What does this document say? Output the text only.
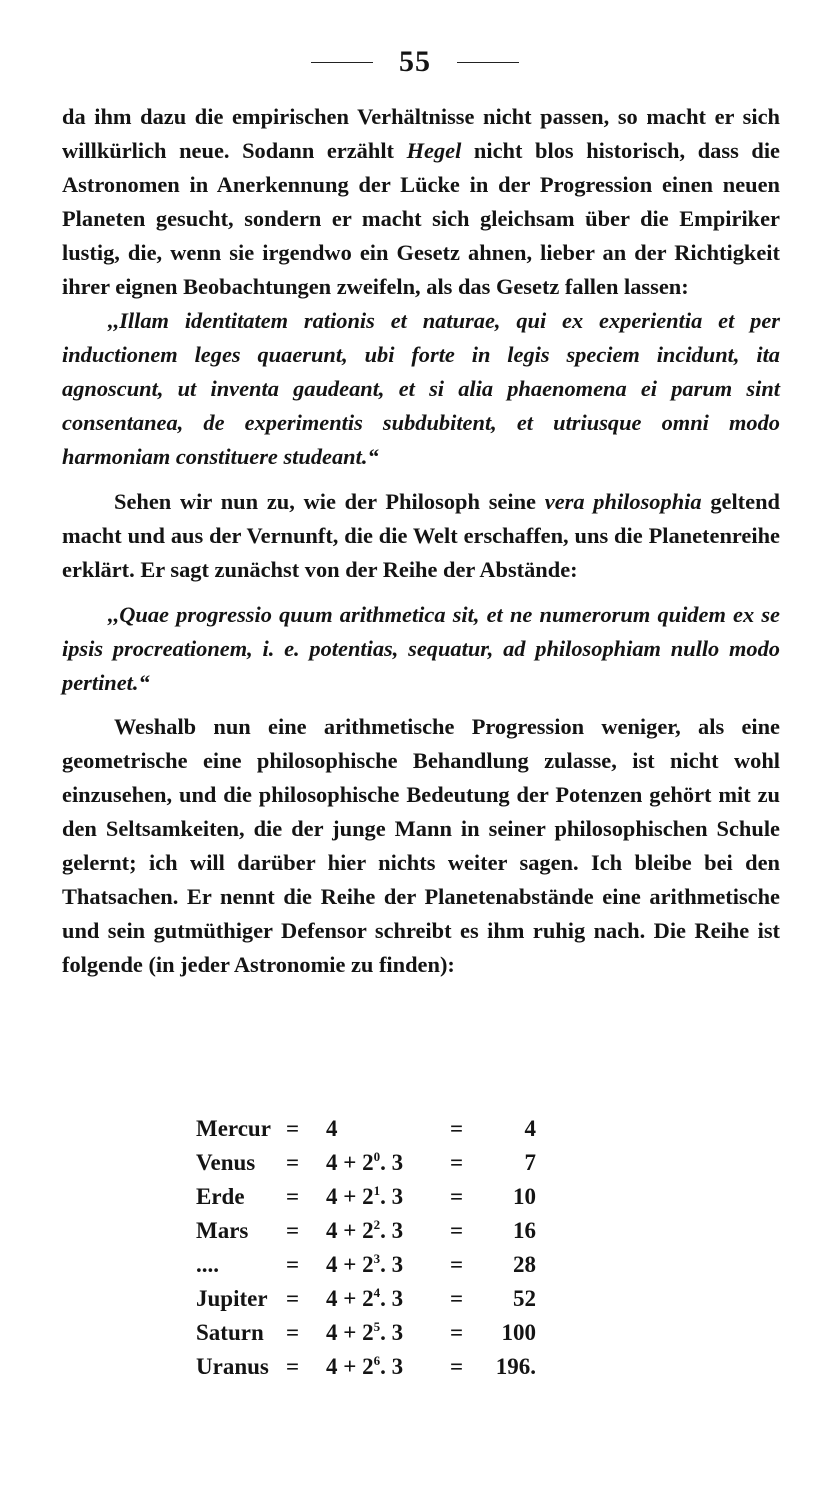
55

da ihm dazu die empirischen Verhältnisse nicht passen, so macht er sich willkürlich neue. Sodann erzählt Hegel nicht blos historisch, dass die Astronomen in Anerkennung der Lücke in der Progression einen neuen Planeten gesucht, sondern er macht sich gleichsam über die Empiriker lustig, die, wenn sie irgendwo ein Gesetz ahnen, lieber an der Richtigkeit ihrer eignen Beobachtungen zweifeln, als das Gesetz fallen lassen:

,,Illam identitatem rationis et naturae, qui ex experientia et per inductionem leges quaerunt, ubi forte in legis speciem incidunt, ita agnoscunt, ut inventa gaudeant, et si alia phaenomena ei parum sint consentanea, de experimentis subdubitent, et utriusque omni modo harmoniam constituere studeant.“

Sehen wir nun zu, wie der Philosoph seine vera philosophia geltend macht und aus der Vernunft, die die Welt erschaffen, uns die Planetenreihe erklärt. Er sagt zunächst von der Reihe der Abstände:

,,Quae progressio quum arithmetica sit, et ne numerorum quidem ex se ipsis procreationem, i. e. potentias, sequatur, ad philosophiam nullo modo pertinet.“

Weshalb nun eine arithmetische Progression weniger, als eine geometrische eine philosophische Behandlung zulasse, ist nicht wohl einzusehen, und die philosophische Bedeutung der Potenzen gehört mit zu den Seltsamkeiten, die der junge Mann in seiner philosophischen Schule gelernt; ich will darüber hier nichts weiter sagen. Ich bleibe bei den Thatsachen. Er nennt die Reihe der Planetenabstände eine arithmetische und sein gutmüthiger Defensor schreibt es ihm ruhig nach. Die Reihe ist folgende (in jeder Astronomie zu finden):

Mercur = 4	=	4
Venus = $4 + 2^0$. 3 =	7
Erde = $4 + 2^1$. 3 =	10
Mars = $4 + 2^2$. 3 =	16
....	= $4 + 2^3$. 3 =	28
Jupiter = $4 + 2^4$. 3 =	52
Saturn = $4 + 2^5$. 3 =	100
Uranus = $4 + 2^6$. 3 =	196.
